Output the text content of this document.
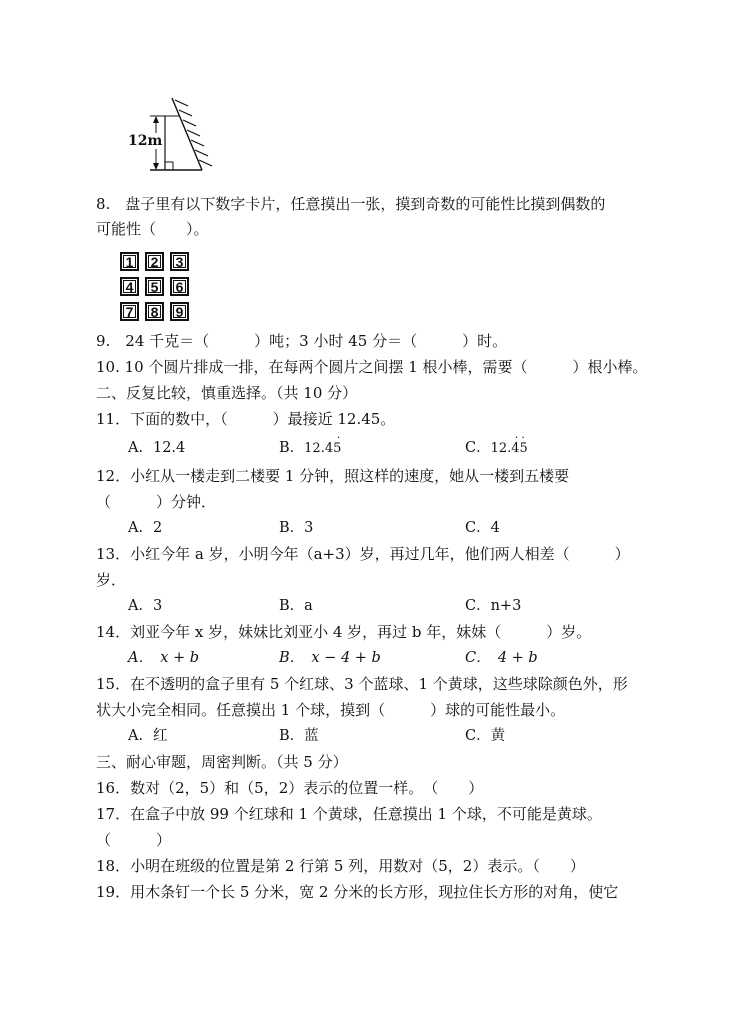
12m
8.　盘子里有以下数字卡片，任意摸出一张，摸到奇数的可能性比摸到偶数的
可能性（　　）。
1	2	3
4	5	6
7	8	9
9.　24 千克＝（　　　）吨；3 小时 45 分＝（　　　）时。
10. 10 个圆片排成一排，在每两个圆片之间摆 1 根小棒，需要（　　　）根小棒。
二、反复比较，慎重选择。（共 10 分）
11．下面的数中，（　　　）最接近 12.45。
A．12.4	B．12.45
·
C．12.45
··
12．小红从一楼走到二楼要 1 分钟，照这样的速度，她从一楼到五楼要
（　　　）分钟．
A．2	B．3	C．4
13．小红今年 a 岁，小明今年（a+3）岁，再过几年，他们两人相差（　　　）
岁．
A．3	B．a	C．n+3
14．刘亚今年 x 岁，妹妹比刘亚小 4 岁，再过 b 年，妹妹（　　　）岁。
A． x + b	B． x − 4 + b	C． 4 + b
15．在不透明的盒子里有 5 个红球、3 个蓝球、1 个黄球，这些球除颜色外，形
状大小完全相同。任意摸出 1 个球，摸到（　　　）球的可能性最小。
A．红	B．蓝	C．黄
三、耐心审题，周密判断。（共 5 分）
16．数对（2，5）和（5，2）表示的位置一样。　（　　）
17．在盒子中放 99 个红球和 1 个黄球，任意摸出 1 个球，不可能是黄球。
（　　　）
18．小明在班级的位置是第 2 行第 5 列，用数对（5，2）表示。（　　）
19．用木条钉一个长 5 分米，宽 2 分米的长方形，现拉住长方形的对角，使它
